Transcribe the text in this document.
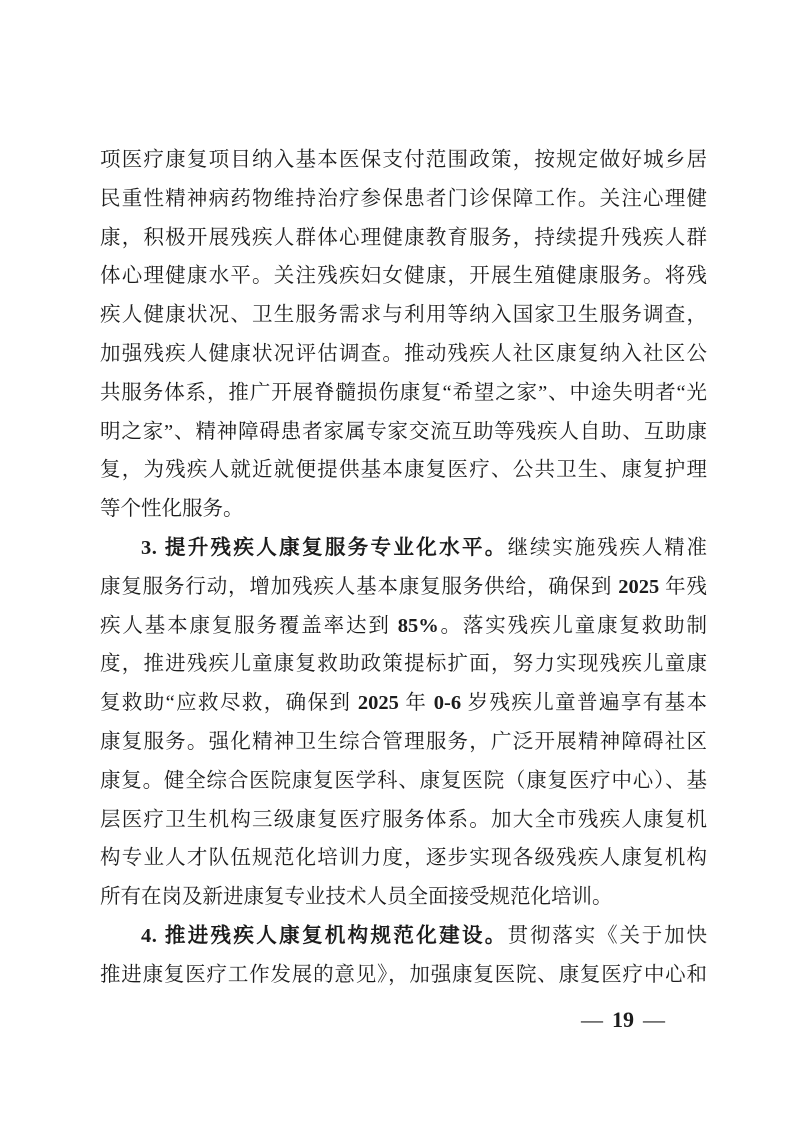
项医疗康复项目纳入基本医保支付范围政策，按规定做好城乡居
民重性精神病药物维持治疗参保患者门诊保障工作。关注心理健
康，积极开展残疾人群体心理健康教育服务，持续提升残疾人群
体心理健康水平。关注残疾妇女健康，开展生殖健康服务。将残
疾人健康状况、卫生服务需求与利用等纳入国家卫生服务调查，
加强残疾人健康状况评估调查。推动残疾人社区康复纳入社区公
共服务体系，推广开展脊髓损伤康复“希望之家”、中途失明者“光
明之家”、精神障碍患者家属专家交流互助等残疾人自助、互助康
复，为残疾人就近就便提供基本康复医疗、公共卫生、康复护理
等个性化服务。
3. 提升残疾人康复服务专业化水平。继续实施残疾人精准
康复服务行动，增加残疾人基本康复服务供给，确保到 2025 年残
疾人基本康复服务覆盖率达到 85%。落实残疾儿童康复救助制
度，推进残疾儿童康复救助政策提标扩面，努力实现残疾儿童康
复救助“应救尽救，确保到 2025 年 0-6 岁残疾儿童普遍享有基本
康复服务。强化精神卫生综合管理服务，广泛开展精神障碍社区
康复。健全综合医院康复医学科、康复医院（康复医疗中心）、基
层医疗卫生机构三级康复医疗服务体系。加大全市残疾人康复机
构专业人才队伍规范化培训力度，逐步实现各级残疾人康复机构
所有在岗及新进康复专业技术人员全面接受规范化培训。
4. 推进残疾人康复机构规范化建设。贯彻落实《关于加快
推进康复医疗工作发展的意见》，加强康复医院、康复医疗中心和
— 19 —
